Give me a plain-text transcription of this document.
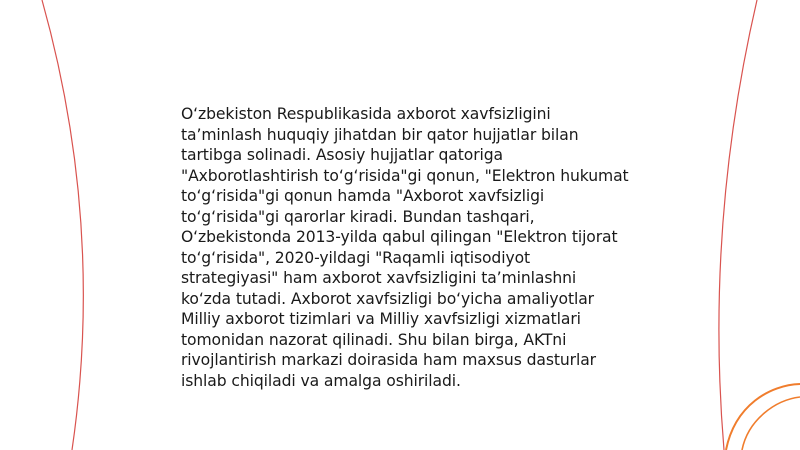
O‘zbekiston Respublikasida axborot xavfsizligini ta’minlash huquqiy jihatdan bir qator hujjatlar bilan tartibga solinadi. Asosiy hujjatlar qatoriga "Axborotlashtirish to‘g‘risida"gi qonun, "Elektron hukumat to‘g‘risida"gi qonun hamda "Axborot xavfsizligi to‘g‘risida"gi qarorlar kiradi. Bundan tashqari, O‘zbekistonda 2013-yilda qabul qilingan "Elektron tijorat to‘g‘risida", 2020-yildagi "Raqamli iqtisodiyot strategiyasi" ham axborot xavfsizligini ta’minlashni ko‘zda tutadi. Axborot xavfsizligi bo‘yicha amaliyotlar Milliy axborot tizimlari va Milliy xavfsizligi xizmatlari tomonidan nazorat qilinadi. Shu bilan birga, AKTni rivojlantirish markazi doirasida ham maxsus dasturlar ishlab chiqiladi va amalga oshiriladi.
